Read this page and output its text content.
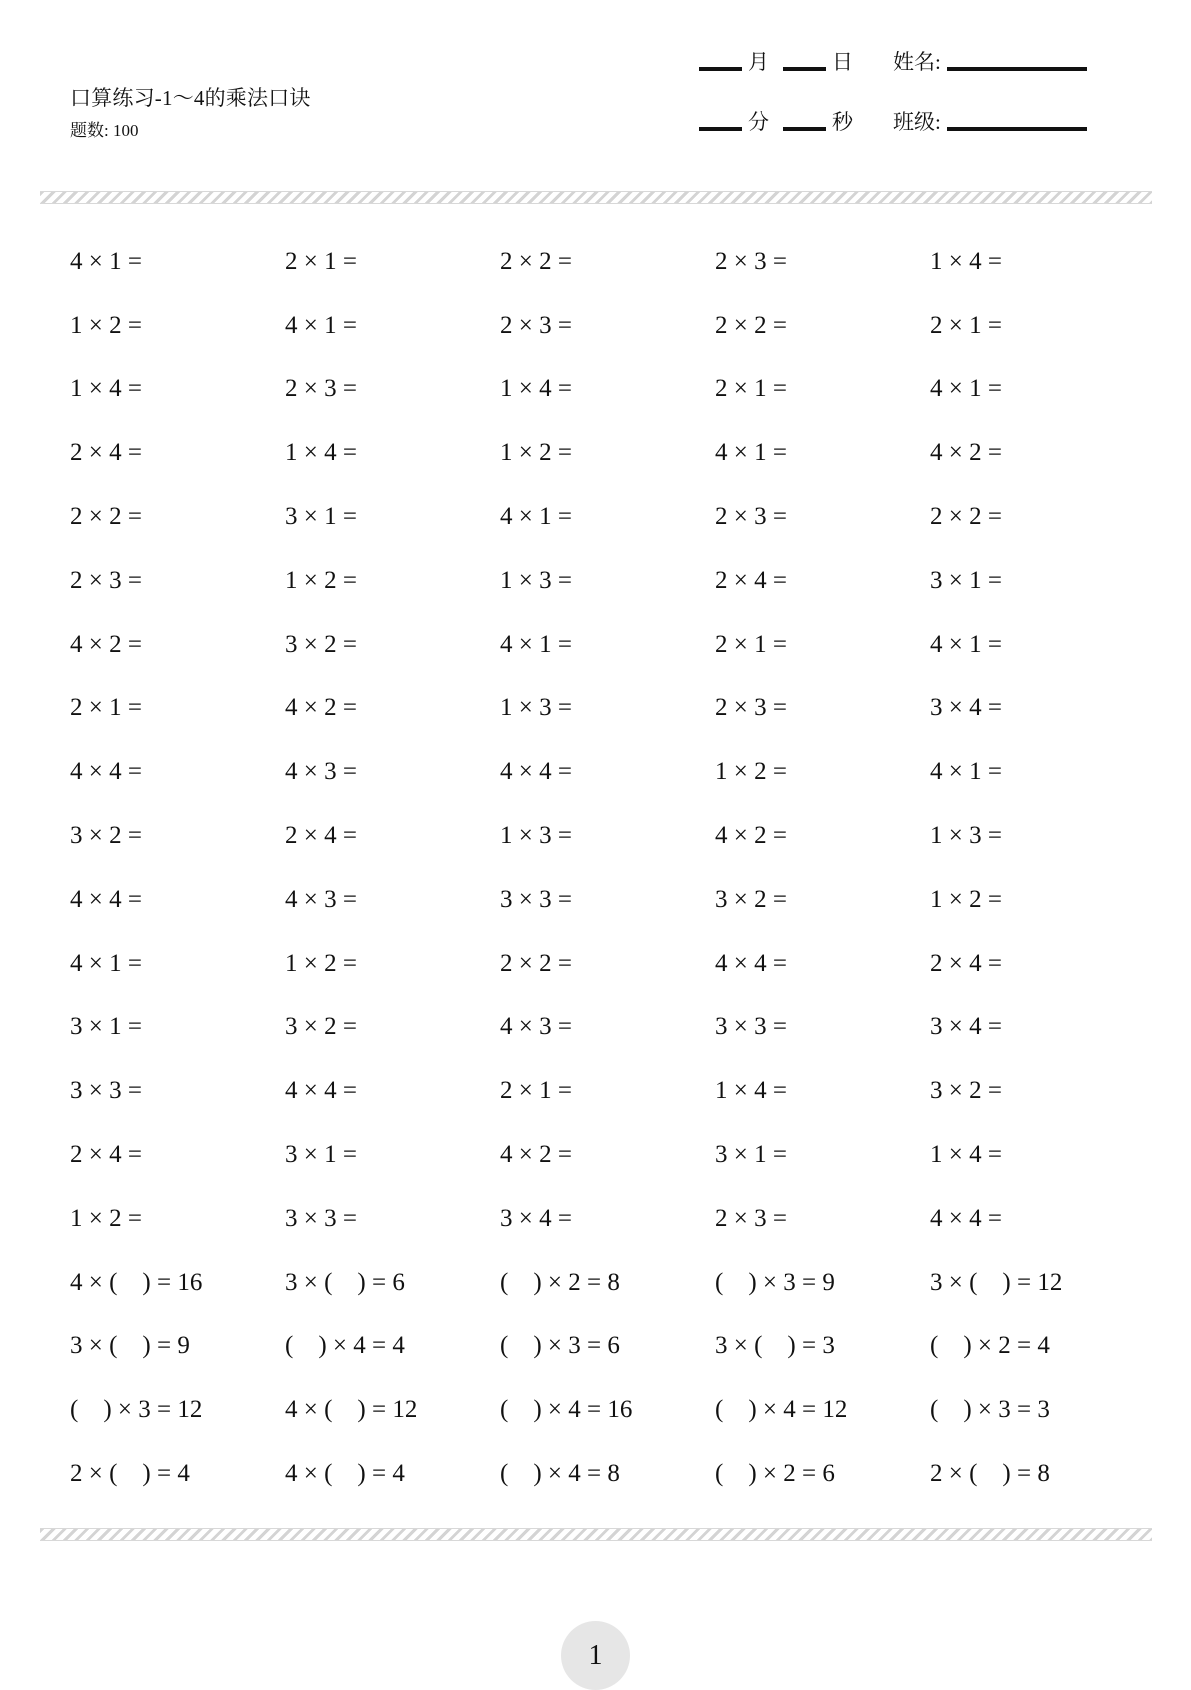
口算练习-1～4的乘法口诀
题数: 100
月	日 姓名:
分	秒 班级:
4 × 1 =	2 × 1 =	2 × 2 =	2 × 3 =	1 × 4 =
1 × 2 =	4 × 1 =	2 × 3 =	2 × 2 =	2 × 1 =
1 × 4 =	2 × 3 =	1 × 4 =	2 × 1 =	4 × 1 =
2 × 4 =	1 × 4 =	1 × 2 =	4 × 1 =	4 × 2 =
2 × 2 =	3 × 1 =	4 × 1 =	2 × 3 =	2 × 2 =
2 × 3 =	1 × 2 =	1 × 3 =	2 × 4 =	3 × 1 =
4 × 2 =	3 × 2 =	4 × 1 =	2 × 1 =	4 × 1 =
2 × 1 =	4 × 2 =	1 × 3 =	2 × 3 =	3 × 4 =
4 × 4 =	4 × 3 =	4 × 4 =	1 × 2 =	4 × 1 =
3 × 2 =	2 × 4 =	1 × 3 =	4 × 2 =	1 × 3 =
4 × 4 =	4 × 3 =	3 × 3 =	3 × 2 =	1 × 2 =
4 × 1 =	1 × 2 =	2 × 2 =	4 × 4 =	2 × 4 =
3 × 1 =	3 × 2 =	4 × 3 =	3 × 3 =	3 × 4 =
3 × 3 =	4 × 4 =	2 × 1 =	1 × 4 =	3 × 2 =
2 × 4 =	3 × 1 =	4 × 2 =	3 × 1 =	1 × 4 =
1 × 2 =	3 × 3 =	3 × 4 =	2 × 3 =	4 × 4 =
4 × (    ) = 16	3 × (    ) = 6	(    ) × 2 = 8	(    ) × 3 = 9	3 × (    ) = 12
3 × (    ) = 9	(    ) × 4 = 4	(    ) × 3 = 6	3 × (    ) = 3	(    ) × 2 = 4
(    ) × 3 = 12	4 × (    ) = 12	(    ) × 4 = 16	(    ) × 4 = 12	(    ) × 3 = 3
2 × (    ) = 4	4 × (    ) = 4	(    ) × 4 = 8	(    ) × 2 = 6	2 × (    ) = 8
1
